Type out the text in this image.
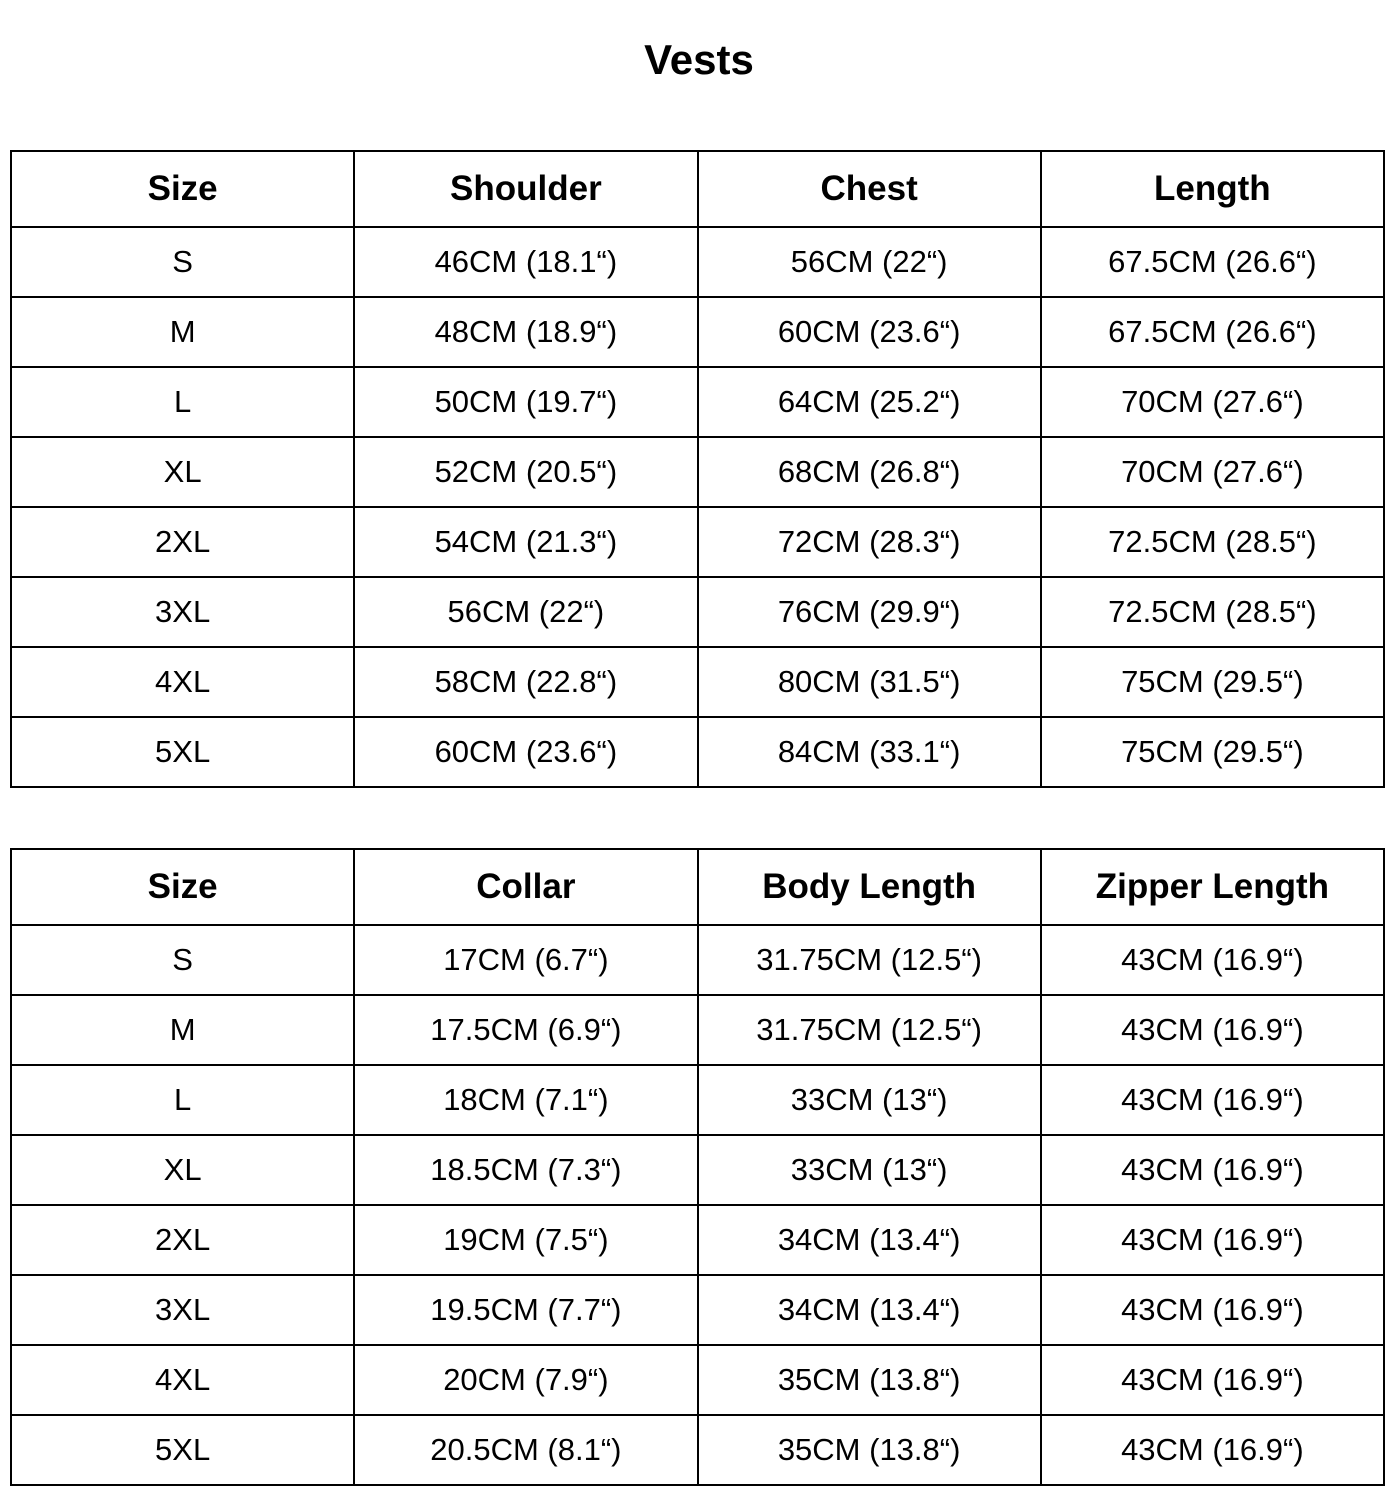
Vests
Size	Shoulder	Chest	Length
S	46CM (18.1“)	56CM (22“)	67.5CM (26.6“)
M	48CM (18.9“)	60CM (23.6“)	67.5CM (26.6“)
L	50CM (19.7“)	64CM (25.2“)	70CM (27.6“)
XL	52CM (20.5“)	68CM (26.8“)	70CM (27.6“)
2XL	54CM (21.3“)	72CM (28.3“)	72.5CM (28.5“)
3XL	56CM (22“)	76CM (29.9“)	72.5CM (28.5“)
4XL	58CM (22.8“)	80CM (31.5“)	75CM (29.5“)
5XL	60CM (23.6“)	84CM (33.1“)	75CM (29.5“)
Size	Collar	Body Length	Zipper Length
S	17CM (6.7“)	31.75CM (12.5“)	43CM (16.9“)
M	17.5CM (6.9“)	31.75CM (12.5“)	43CM (16.9“)
L	18CM (7.1“)	33CM (13“)	43CM (16.9“)
XL	18.5CM (7.3“)	33CM (13“)	43CM (16.9“)
2XL	19CM (7.5“)	34CM (13.4“)	43CM (16.9“)
3XL	19.5CM (7.7“)	34CM (13.4“)	43CM (16.9“)
4XL	20CM (7.9“)	35CM (13.8“)	43CM (16.9“)
5XL	20.5CM (8.1“)	35CM (13.8“)	43CM (16.9“)
